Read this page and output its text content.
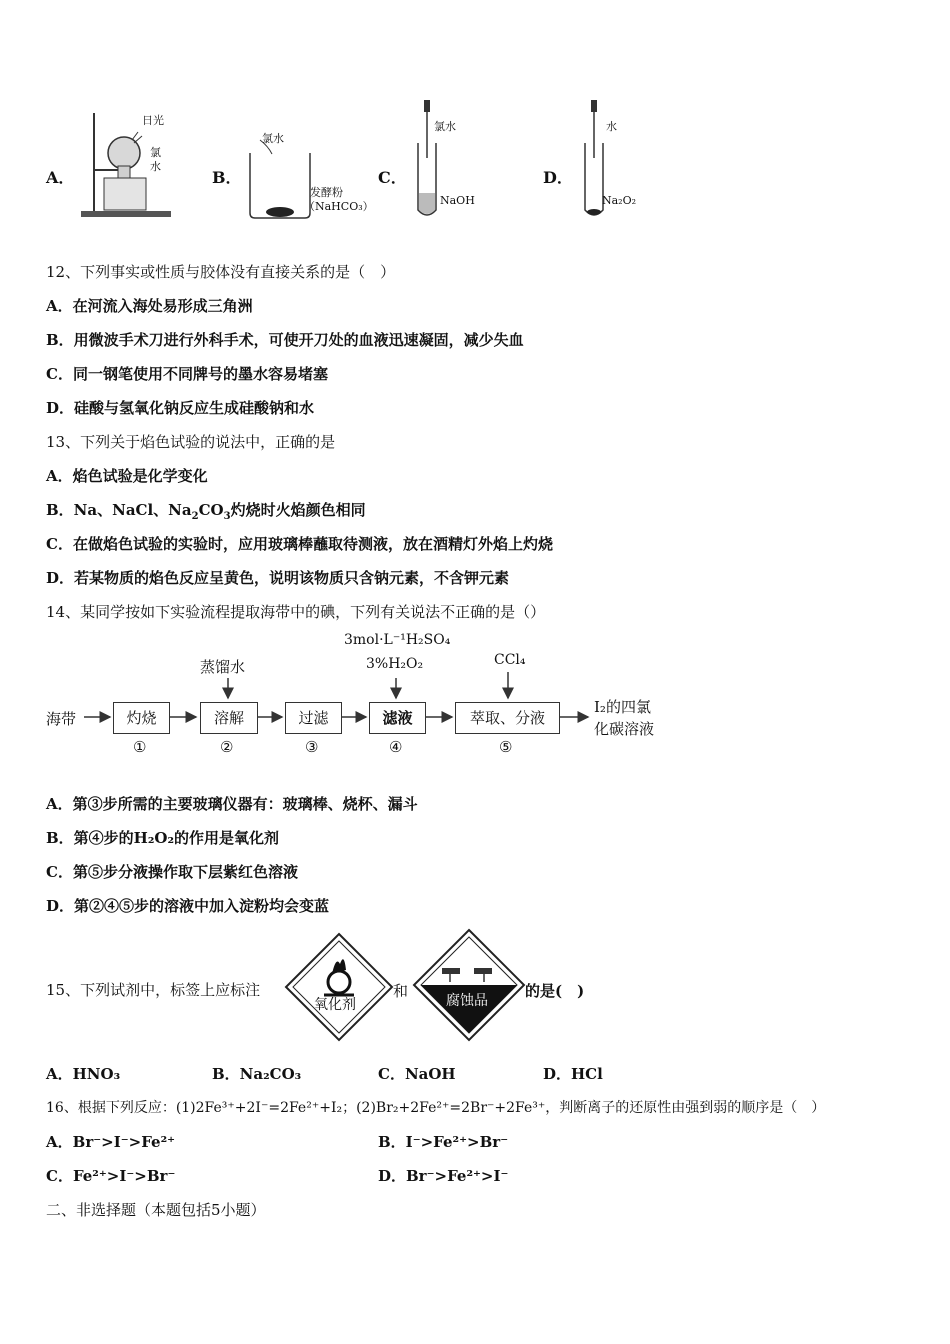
A．
日光
氯水
B．
氯水
发酵粉
（NaHCO₃）
C．
氯水
NaOH
D．
水
Na₂O₂
12、下列事实或性质与胶体没有直接关系的是（　）
A．在河流入海处易形成三角洲
B．用微波手术刀进行外科手术，可使开刀处的血液迅速凝固，减少失血
C．同一钢笔使用不同牌号的墨水容易堵塞
D．硅酸与氢氧化钠反应生成硅酸钠和水
13、下列关于焰色试验的说法中，正确的是
A．焰色试验是化学变化
B．Na、NaCl、$Na_2CO_3$灼烧时火焰颜色相同
C．在做焰色试验的实验时，应用玻璃棒蘸取待测液，放在酒精灯外焰上灼烧
D．若某物质的焰色反应呈黄色，说明该物质只含钠元素，不含钾元素
14、某同学按如下实验流程提取海带中的碘，下列有关说法不正确的是（）
海带	灼烧	溶解	过滤	滤液	萃取、分液
①	②	③	④	⑤
蒸馏水
3mol·L⁻¹H₂SO₄
3%H₂O₂	CCl₄
I₂的四氯
化碳溶液
A．第③步所需的主要玻璃仪器有：玻璃棒、烧杯、漏斗
B．第④步的H₂O₂的作用是氧化剂
C．第⑤步分液操作取下层紫红色溶液
D．第②④⑤步的溶液中加入淀粉均会变蓝
15、下列试剂中，标签上应标注
氧化剂
和
腐蚀品
的是(　)
A．HNO₃	B．Na₂CO₃	C．NaOH	D．HCl
16、根据下列反应：(1)2Fe³⁺+2I⁻=2Fe²⁺+I₂；(2)Br₂+2Fe²⁺=2Br⁻+2Fe³⁺，判断离子的还原性由强到弱的顺序是（　）
A．Br⁻>I⁻>Fe²⁺	B．I⁻>Fe²⁺>Br⁻
C．Fe²⁺>I⁻>Br⁻	D．Br⁻>Fe²⁺>I⁻
二、非选择题（本题包括5小题）
